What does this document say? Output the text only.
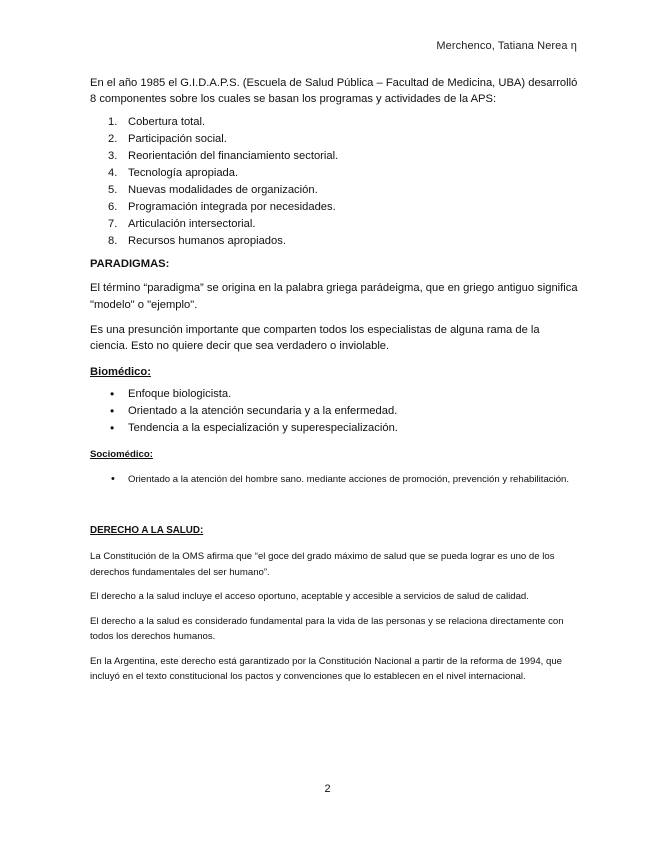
Merchenco, Tatiana Nerea η

En el año 1985 el G.I.D.A.P.S. (Escuela de Salud Pública – Facultad de Medicina, UBA) desarrolló 8 componentes sobre los cuales se basan los programas y actividades de la APS:

1. Cobertura total.
2. Participación social.
3. Reorientación del financiamiento sectorial.
4. Tecnología apropiada.
5. Nuevas modalidades de organización.
6. Programación integrada por necesidades.
7. Articulación intersectorial.
8. Recursos humanos apropiados.

PARADIGMAS:

El término “paradigma” se origina en la palabra griega parádeigma, que en griego antiguo significa "modelo" o "ejemplo".

Es una presunción importante que comparten todos los especialistas de alguna rama de la ciencia. Esto no quiere decir que sea verdadero o inviolable.

Biomédico:

• Enfoque biologicista.
• Orientado a la atención secundaria y a la enfermedad.
• Tendencia a la especialización y superespecialización.

Sociomédico:

• Orientado a la atención del hombre sano. mediante acciones de promoción, prevención y rehabilitación.

DERECHO A LA SALUD:

La Constitución de la OMS afirma que “el goce del grado máximo de salud que se pueda lograr es uno de los derechos fundamentales del ser humano”.

El derecho a la salud incluye el acceso oportuno, aceptable y accesible a servicios de salud de calidad.

El derecho a la salud es considerado fundamental para la vida de las personas y se relaciona directamente con todos los derechos humanos.

En la Argentina, este derecho está garantizado por la Constitución Nacional a partir de la reforma de 1994, que incluyó en el texto constitucional los pactos y convenciones que lo establecen en el nivel internacional.

2
